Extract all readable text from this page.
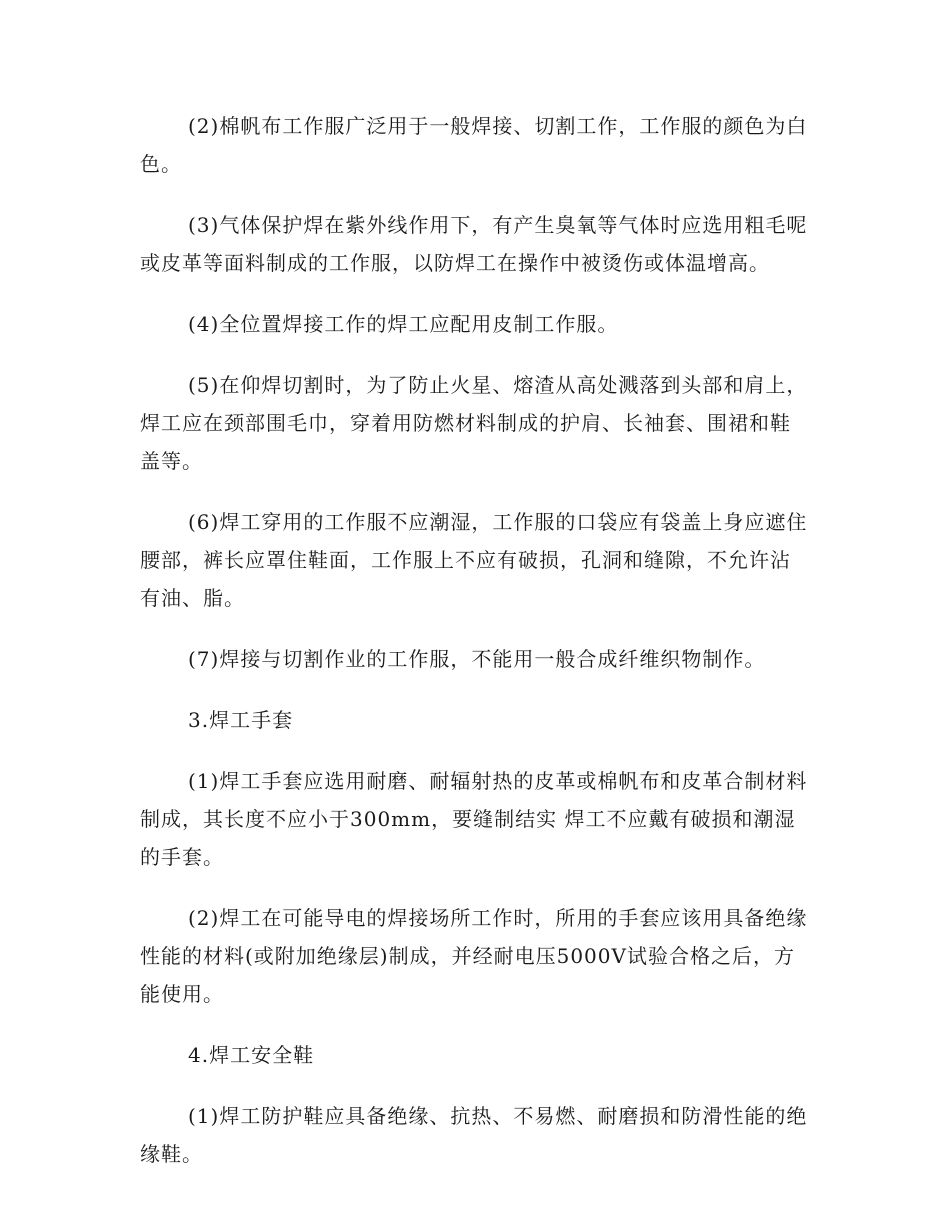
(2)棉帆布工作服广泛用于一般焊接、切割工作，工作服的颜色为白色。

(3)气体保护焊在紫外线作用下，有产生臭氧等气体时应选用粗毛呢或皮革等面料制成的工作服，以防焊工在操作中被烫伤或体温增高。

(4)全位置焊接工作的焊工应配用皮制工作服。

(5)在仰焊切割时，为了防止火星、熔渣从高处溅落到头部和肩上，焊工应在颈部围毛巾，穿着用防燃材料制成的护肩、长袖套、围裙和鞋盖等。

(6)焊工穿用的工作服不应潮湿，工作服的口袋应有袋盖上身应遮住腰部，裤长应罩住鞋面，工作服上不应有破损，孔洞和缝隙，不允许沾有油、脂。

(7)焊接与切割作业的工作服，不能用一般合成纤维织物制作。

3.焊工手套

(1)焊工手套应选用耐磨、耐辐射热的皮革或棉帆布和皮革合制材料制成，其长度不应小于300mm，要缝制结实 焊工不应戴有破损和潮湿的手套。

(2)焊工在可能导电的焊接场所工作时，所用的手套应该用具备绝缘性能的材料(或附加绝缘层)制成，并经耐电压5000V试验合格之后，方能使用。

4.焊工安全鞋

(1)焊工防护鞋应具备绝缘、抗热、不易燃、耐磨损和防滑性能的绝缘鞋。
